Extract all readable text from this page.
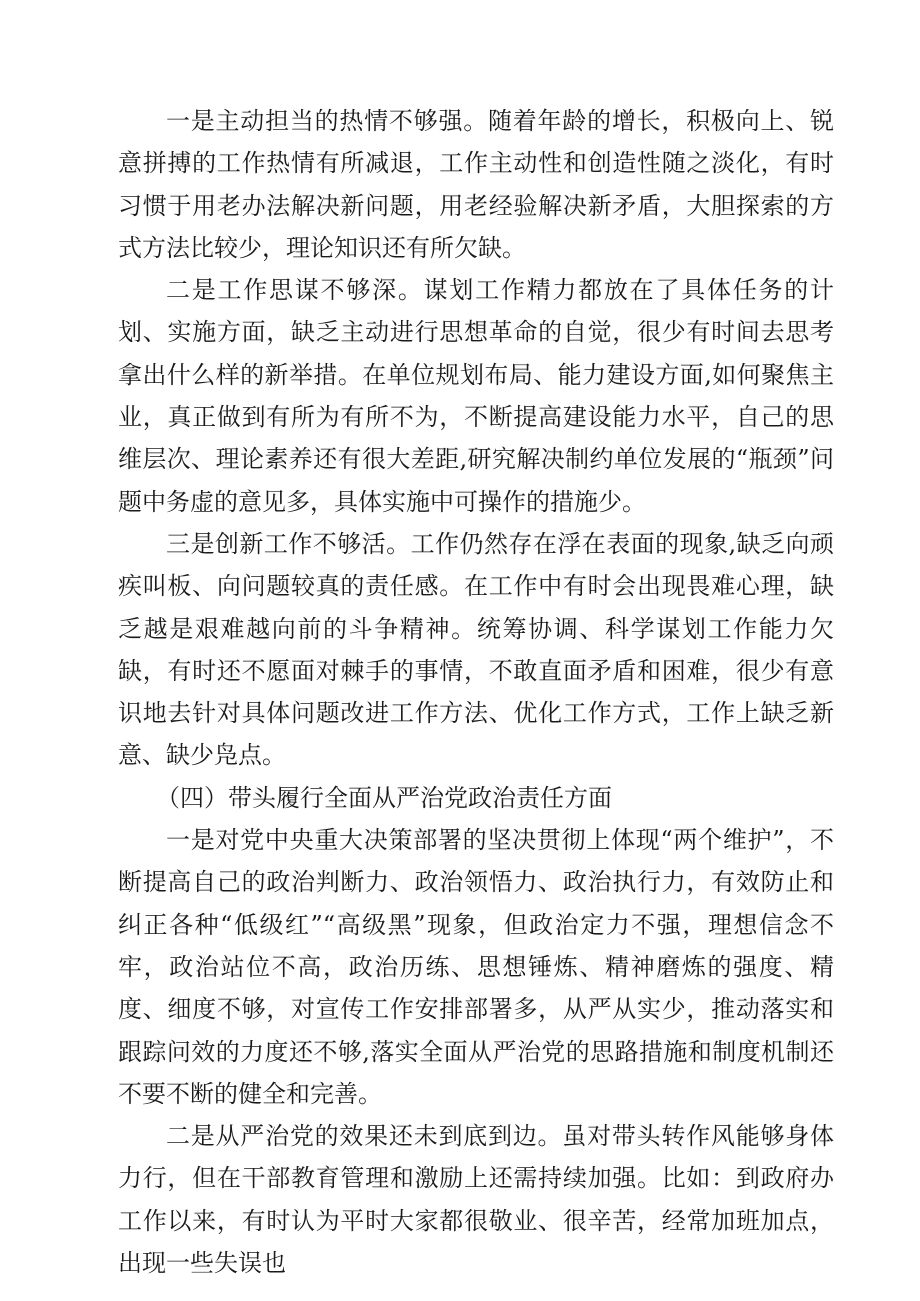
一是主动担当的热情不够强。随着年龄的增长，积极向上、锐意拼搏的工作热情有所减退，工作主动性和创造性随之淡化，有时习惯于用老办法解决新问题，用老经验解决新矛盾，大胆探索的方式方法比较少，理论知识还有所欠缺。

二是工作思谋不够深。谋划工作精力都放在了具体任务的计划、实施方面，缺乏主动进行思想革命的自觉，很少有时间去思考拿出什么样的新举措。在单位规划布局、能力建设方面,如何聚焦主业，真正做到有所为有所不为，不断提高建设能力水平，自己的思维层次、理论素养还有很大差距,研究解决制约单位发展的“瓶颈”问题中务虚的意见多，具体实施中可操作的措施少。

三是创新工作不够活。工作仍然存在浮在表面的现象,缺乏向顽疾叫板、向问题较真的责任感。在工作中有时会出现畏难心理，缺乏越是艰难越向前的斗争精神。统筹协调、科学谋划工作能力欠缺，有时还不愿面对棘手的事情，不敢直面矛盾和困难，很少有意识地去针对具体问题改进工作方法、优化工作方式，工作上缺乏新意、缺少凫点。

（四）带头履行全面从严治党政治责任方面

一是对党中央重大决策部署的坚决贯彻上体现“两个维护”，不断提高自己的政治判断力、政治领悟力、政治执行力，有效防止和纠正各种“低级红”“高级黑”现象，但政治定力不强，理想信念不牢，政治站位不高，政治历练、思想锤炼、精神磨炼的强度、精度、细度不够，对宣传工作安排部署多，从严从实少，推动落实和跟踪问效的力度还不够,落实全面从严治党的思路措施和制度机制还不要不断的健全和完善。

二是从严治党的效果还未到底到边。虽对带头转作风能够身体力行，但在干部教育管理和激励上还需持续加强。比如：到政府办工作以来，有时认为平时大家都很敬业、很辛苦，经常加班加点，出现一些失误也
